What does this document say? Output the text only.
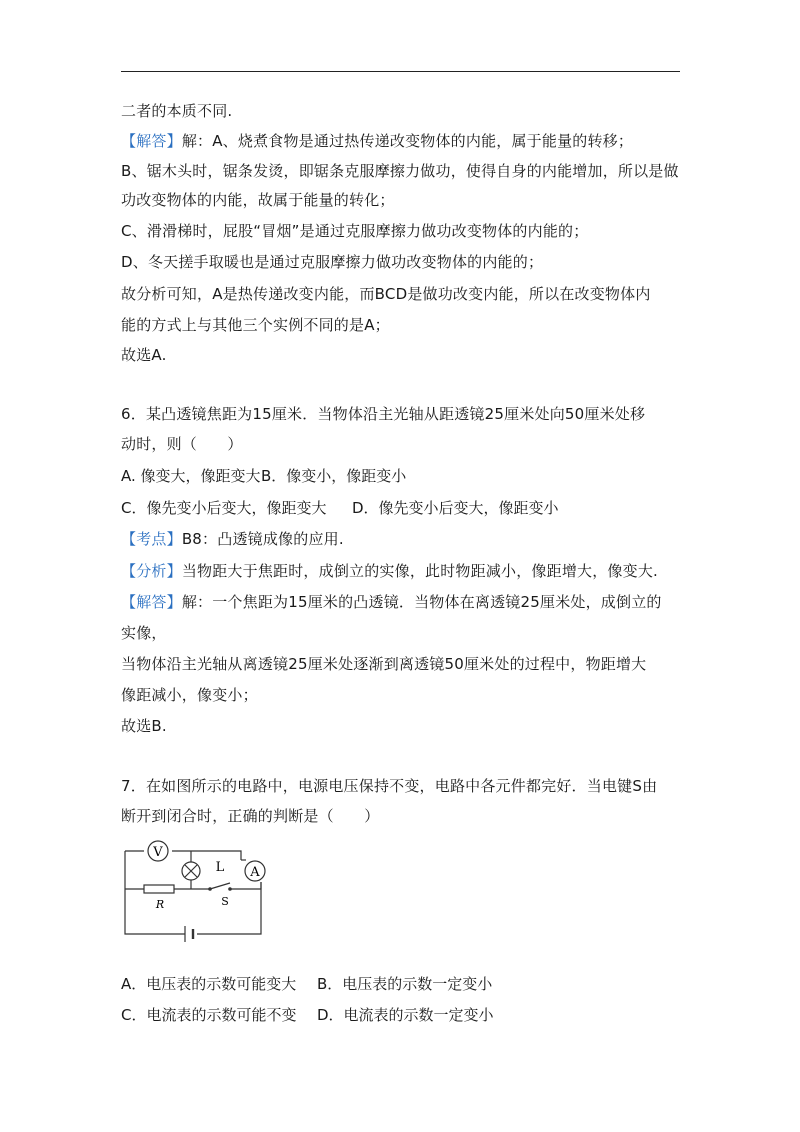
二者的本质不同.
【解答】解：A、烧煮食物是通过热传递改变物体的内能，属于能量的转移；
B、锯木头时，锯条发烫，即锯条克服摩擦力做功，使得自身的内能增加，所以是做
功改变物体的内能，故属于能量的转化；
C、滑滑梯时，屁股“冒烟”是通过克服摩擦力做功改变物体的内能的；
D、冬天搓手取暖也是通过克服摩擦力做功改变物体的内能的；
故分析可知，A是热传递改变内能，而BCD是做功改变内能，所以在改变物体内
能的方式上与其他三个实例不同的是A；
故选A.
6．某凸透镜焦距为15厘米．当物体沿主光轴从距透镜25厘米处向50厘米处移
动时，则（　　）
A. 像变大，像距变大 B．像变小，像距变小
C．像先变小后变大，像距变大 D．像先变小后变大，像距变小
【考点】B8：凸透镜成像的应用.
【分析】当物距大于焦距时，成倒立的实像，此时物距减小，像距增大，像变大.
【解答】解：一个焦距为15厘米的凸透镜．当物体在离透镜25厘米处，成倒立的
实像，
当物体沿主光轴从离透镜25厘米处逐渐到离透镜50厘米处的过程中，物距增大
像距减小，像变小；
故选B.
7．在如图所示的电路中，电源电压保持不变，电路中各元件都完好．当电键S由
断开到闭合时，正确的判断是（　　）
V
A
L
R	S
A．电压表的示数可能变大 B．电压表的示数一定变小
C．电流表的示数可能不变 D．电流表的示数一定变小
